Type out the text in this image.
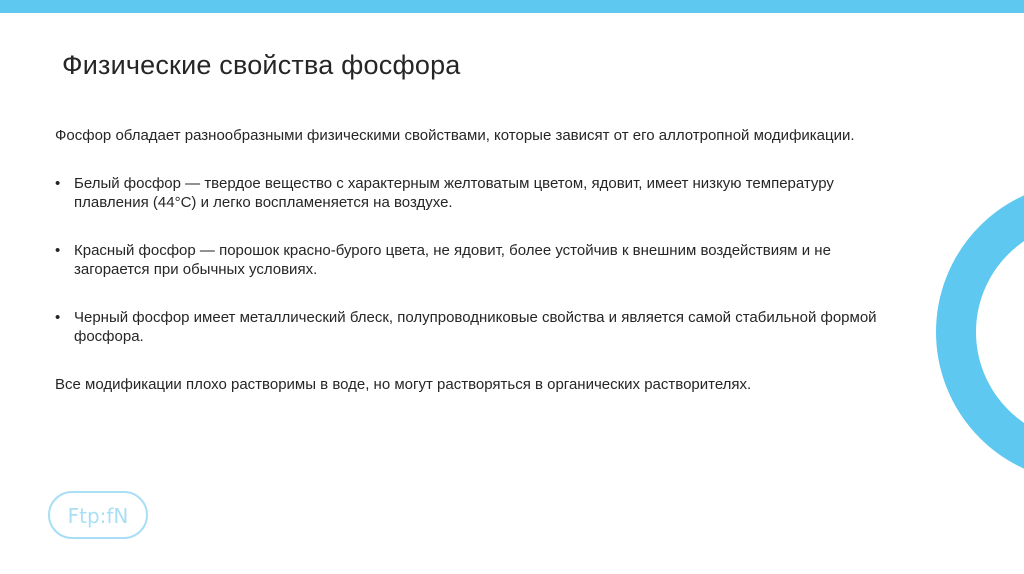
Физические свойства фосфора

Фосфор обладает разнообразными физическими свойствами, которые зависят от его аллотропной модификации.

• Белый фосфор — твердое вещество с характерным желтоватым цветом, ядовит, имеет низкую температуру плавления (44°C) и легко воспламеняется на воздухе.
• Красный фосфор — порошок красно-бурого цвета, не ядовит, более устойчив к внешним воздействиям и не загорается при обычных условиях.
• Черный фосфор имеет металлический блеск, полупроводниковые свойства и является самой стабильной формой фосфора.

Все модификации плохо растворимы в воде, но могут растворяться в органических растворителях.

Ftp:fN
